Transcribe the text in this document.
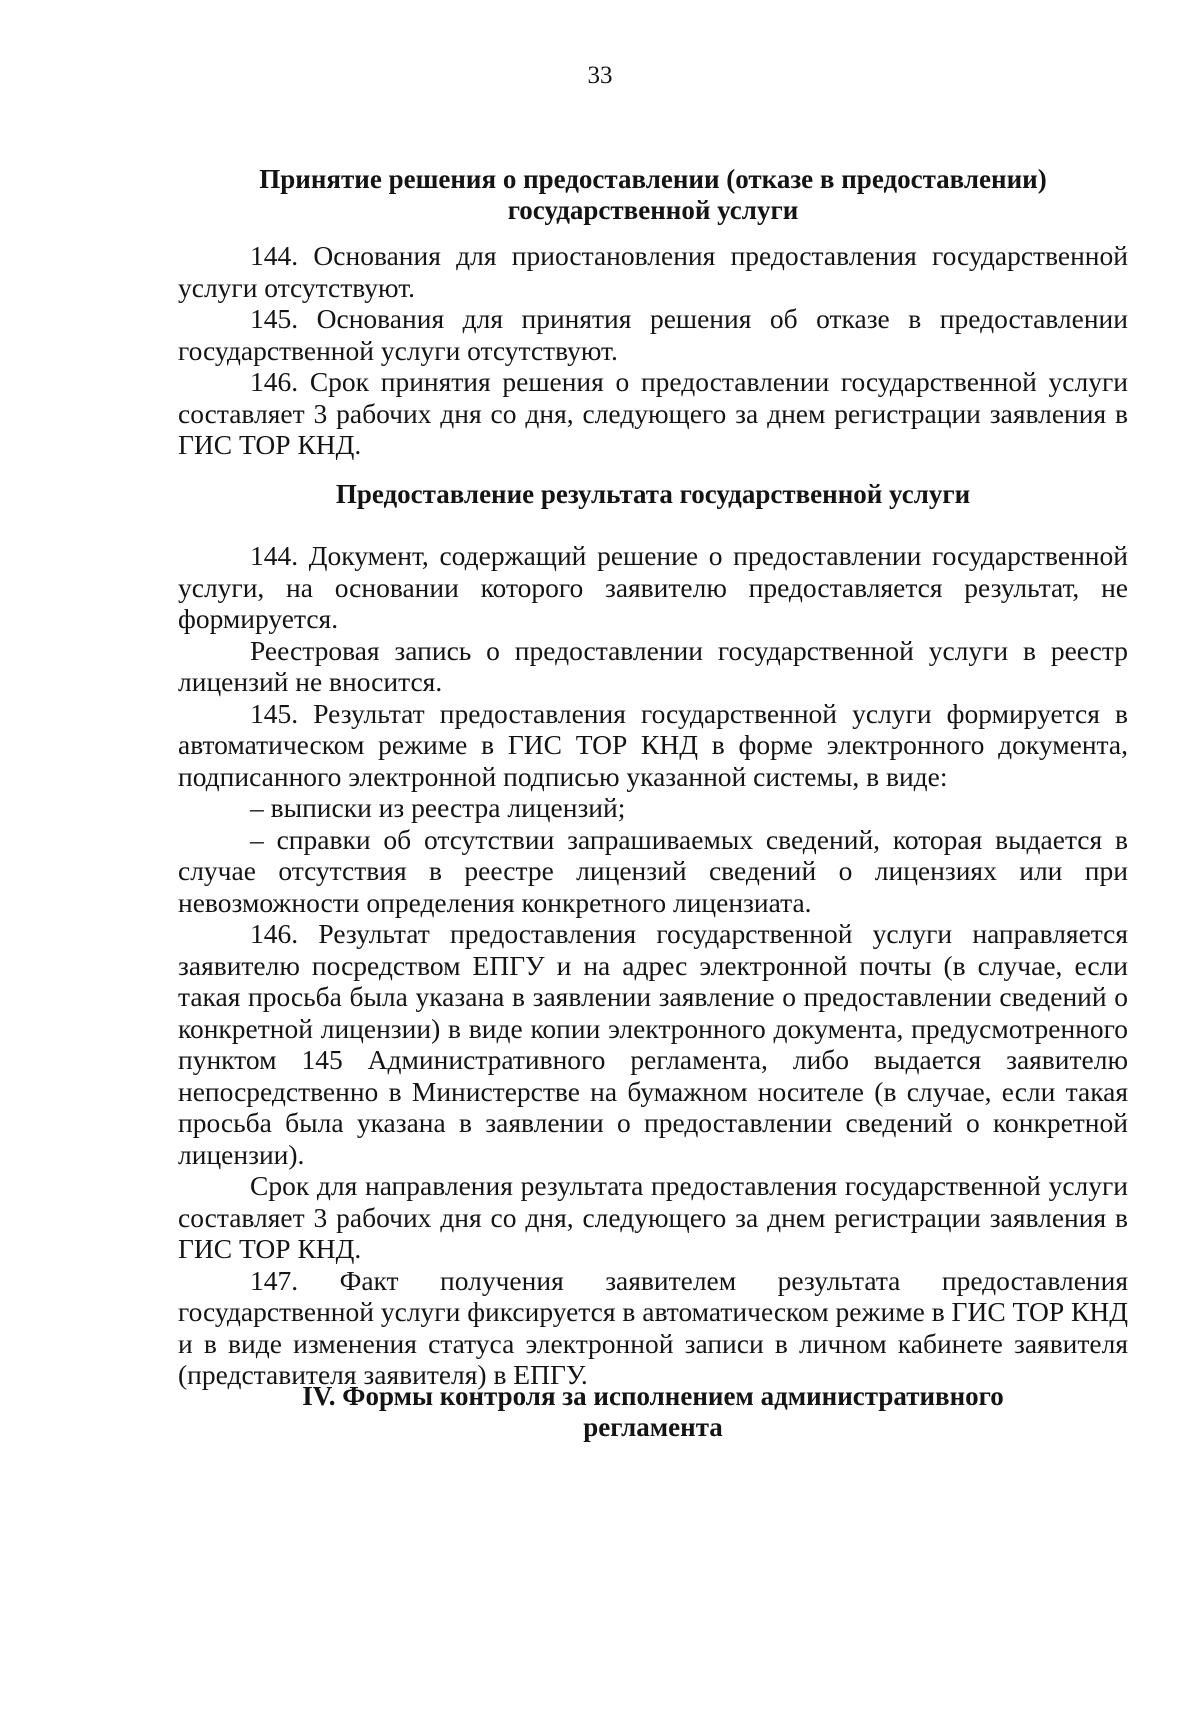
33

Принятие решения о предоставлении (отказе в предоставлении)

государственной услуги

144. Основания для приостановления предоставления государственной услуги отсутствуют.

145. Основания для принятия решения об отказе в предоставлении государственной услуги отсутствуют.

146. Срок принятия решения о предоставлении государственной услуги составляет 3 рабочих дня со дня, следующего за днем регистрации заявления в ГИС ТОР КНД.

Предоставление результата государственной услуги

144. Документ, содержащий решение о предоставлении государственной услуги, на основании которого заявителю предоставляется результат, не формируется.

Реестровая запись о предоставлении государственной услуги в реестр лицензий не вносится.

145. Результат предоставления государственной услуги формируется в автоматическом режиме в ГИС ТОР КНД в форме электронного документа, подписанного электронной подписью указанной системы, в виде:

– выписки из реестра лицензий;

– справки об отсутствии запрашиваемых сведений, которая выдается в случае отсутствия в реестре лицензий сведений о лицензиях или при невозможности определения конкретного лицензиата.

146. Результат предоставления государственной услуги направляется заявителю посредством ЕПГУ и на адрес электронной почты (в случае, если такая просьба была указана в заявлении заявление о предоставлении сведений о конкретной лицензии) в виде копии электронного документа, предусмотренного пунктом 145 Административного регламента, либо выдается заявителю непосредственно в Министерстве на бумажном носителе (в случае, если такая просьба была указана в заявлении о предоставлении сведений о конкретной лицензии).

Срок для направления результата предоставления государственной услуги составляет 3 рабочих дня со дня, следующего за днем регистрации заявления в ГИС ТОР КНД.

147. Факт получения заявителем результата предоставления государственной услуги фиксируется в автоматическом режиме в ГИС ТОР КНД и в виде изменения статуса электронной записи в личном кабинете заявителя (представителя заявителя) в ЕПГУ.

IV. Формы контроля за исполнением административного

регламента
